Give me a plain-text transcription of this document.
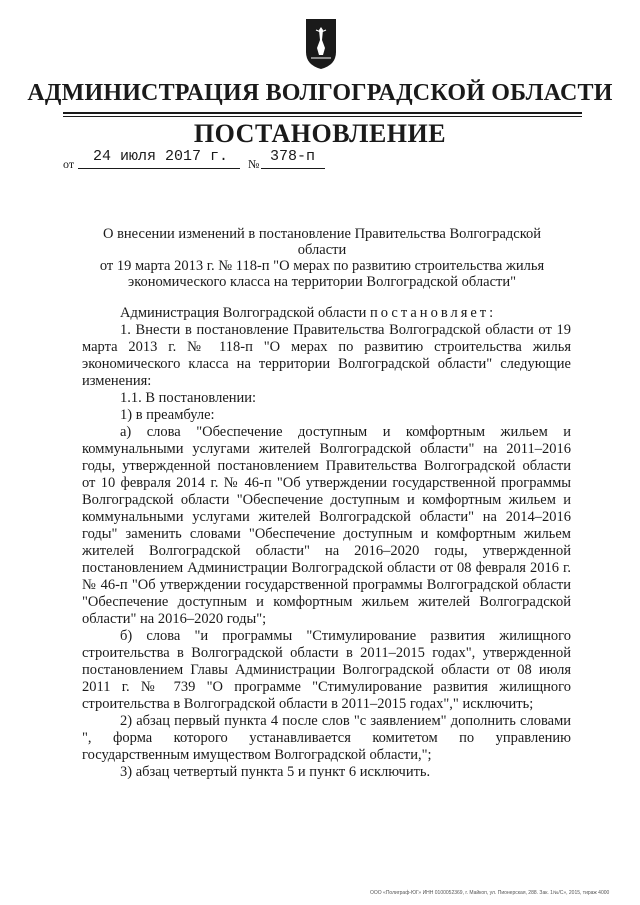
АДМИНИСТРАЦИЯ ВОЛГОГРАДСКОЙ ОБЛАСТИ
ПОСТАНОВЛЕНИЕ
от 24 июля 2017 г. № 378-п
О внесении изменений в постановление Правительства Волгоградской области
от 19 марта 2013 г. № 118-п "О мерах по развитию строительства жилья
экономического класса на территории Волгоградской области"

Администрация Волгоградской области постановляет:

1. Внести в постановление Правительства Волгоградской области от 19 марта 2013 г. № 118-п "О мерах по развитию строительства жилья экономического класса на территории Волгоградской области" следующие изменения:

1.1. В постановлении:

1) в преамбуле:

а) слова "Обеспечение доступным и комфортным жильем и коммунальными услугами жителей Волгоградской области" на 2011–2016 годы, утвержденной постановлением Правительства Волгоградской области от 10 февраля 2014 г. № 46-п "Об утверждении государственной программы Волгоградской области "Обеспечение доступным и комфортным жильем и коммунальными услугами жителей Волгоградской области" на 2014–2016 годы" заменить словами "Обеспечение доступным и комфортным жильем жителей Волгоградской области" на 2016–2020 годы, утвержденной постановлением Администрации Волгоградской области от 08 февраля 2016 г. № 46-п "Об утверждении государственной программы Волгоградской области "Обеспечение доступным и комфортным жильем жителей Волгоградской области" на 2016–2020 годы";

б) слова "и программы "Стимулирование развития жилищного строительства в Волгоградской области в 2011–2015 годах", утвержденной постановлением Главы Администрации Волгоградской области от 08 июля 2011 г. № 739 "О программе "Стимулирование развития жилищного строительства в Волгоградской области в 2011–2015 годах"," исключить;

2) абзац первый пункта 4 после слов "с заявлением" дополнить словами ", форма которого устанавливается комитетом по управлению государственным имуществом Волгоградской области,";

3) абзац четвертый пункта 5 и пункт 6 исключить.

ООО «Полиграф-ЮГ» ИНН 0100052369, г. Майкоп, ул. Пионерская, 288. Зак. 1№/С», 2015, тираж 4000
